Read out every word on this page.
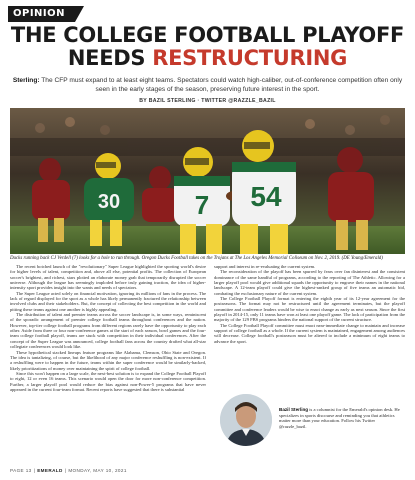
OPINION
THE COLLEGE FOOTBALL PLAYOFF
NEEDS RESTRUCTURING
Sterling: The CFP must expand to at least eight teams. Spectators could watch high-caliber, out-of-conference competition often only seen in the early stages of the season, preserving future interest in the sport.
BY BAZIL STERLING · TWITTER @RAZZLE_BAZIL
30	7 54
Ducks running back CJ Verdell (7) looks for a hole to run through. Oregon Ducks Football takes on the Trojans at The Los Angeles Memorial Coliseum on Nov. 2, 2019. (DE Young/Emerald)

The recent botched launch of the "revolutionary" Super League highlighted the sporting world's desire for higher levels of talent, competition and, above all else, potential profits. The collection of European soccer's brightest, and richest, stars plotted an elaborate money grab that temporarily disrupted the soccer universe. Although the league has seemingly imploded before truly gaining traction, the idea of higher-intensity sport provides insight into the wants and needs of spectators.

The Super League acted solely on financial motivation, ignoring its millions of fans in the process. The lack of regard displayed for the sport as a whole has likely permanently fractured the relationship between involved clubs and their stakeholders. But, the concept of collecting the best competition in the world and pitting these teams against one another is highly appealing.

The distribution of talent and premier teams across the soccer landscape is, in some ways, reminiscent of the sporadic arrangement of premier college football teams throughout conferences and the nation. However, top-tier college football programs from different regions rarely have the opportunity to play each other. Aside from three or four non-conference games at the start of each season, bowl games and the four-team college football playoff, teams are stuck with competition in their individual conferences. After the concept of the Super League was announced, college football fans across the country drafted what all-star collegiate conferences would look like.

These hypothetical stacked lineups feature programs like Alabama, Clemson, Ohio State and Oregon. The idea is tantalizing, of course, but the likelihood of any major conference reshuffling is non-existent. If a reshuffling were to happen in the future, teams within the super conference would be similarly-backed, likely prioritizations of money over maintaining the spirit of college football.

Since this won't happen on a large scale, the next-best solution is to expand the College Football Playoff to eight, 12 or even 16 teams. This scenario would open the door for more non-conference competition. Further, a larger playoff pool would reduce the bias against non-Power-5 programs that have never appeared in the current four-team format. Recent reports have suggested that there is substantial

support and interest in re-evaluating the current system.

The reconsideration of the playoff has been spurred by fears over fan disinterest and the consistent dominance of the same handful of programs, according to the reporting of The Athletic. Allowing for a larger playoff pool would give additional squads the opportunity to engrave their names in the national landscape. A 12-team playoff could give the highest-ranked group of five teams an automatic bid, combating the exclusionary nature of the current system.

The College Football Playoff format is entering the eighth year of its 12-year agreement for the postseasons. The format may not be restructured until the agreement terminates, but the playoff committee and conference leaders would be wise to enact change as early as next season. Since the first playoff in 2014-15, only 11 teams have won at least one playoff game. The lack of participation from the majority of the 129 FBS programs hinders the national support of the current structure.

The College Football Playoff committee must enact near-immediate change to maintain and increase support of college football as a whole. If the current system is maintained, engagement among audiences will decrease. College football's postseason must be altered to include a minimum of eight teams to advance the sport.

Bazil Sterling is a columnist for the Emerald's opinion desk. He specializes in sports discourse and reminding you that athletics matter more than your education. Follow his Twitter @razzle_bazil.
PAGE 13 | EMERALD | MONDAY, MAY 10, 2021
